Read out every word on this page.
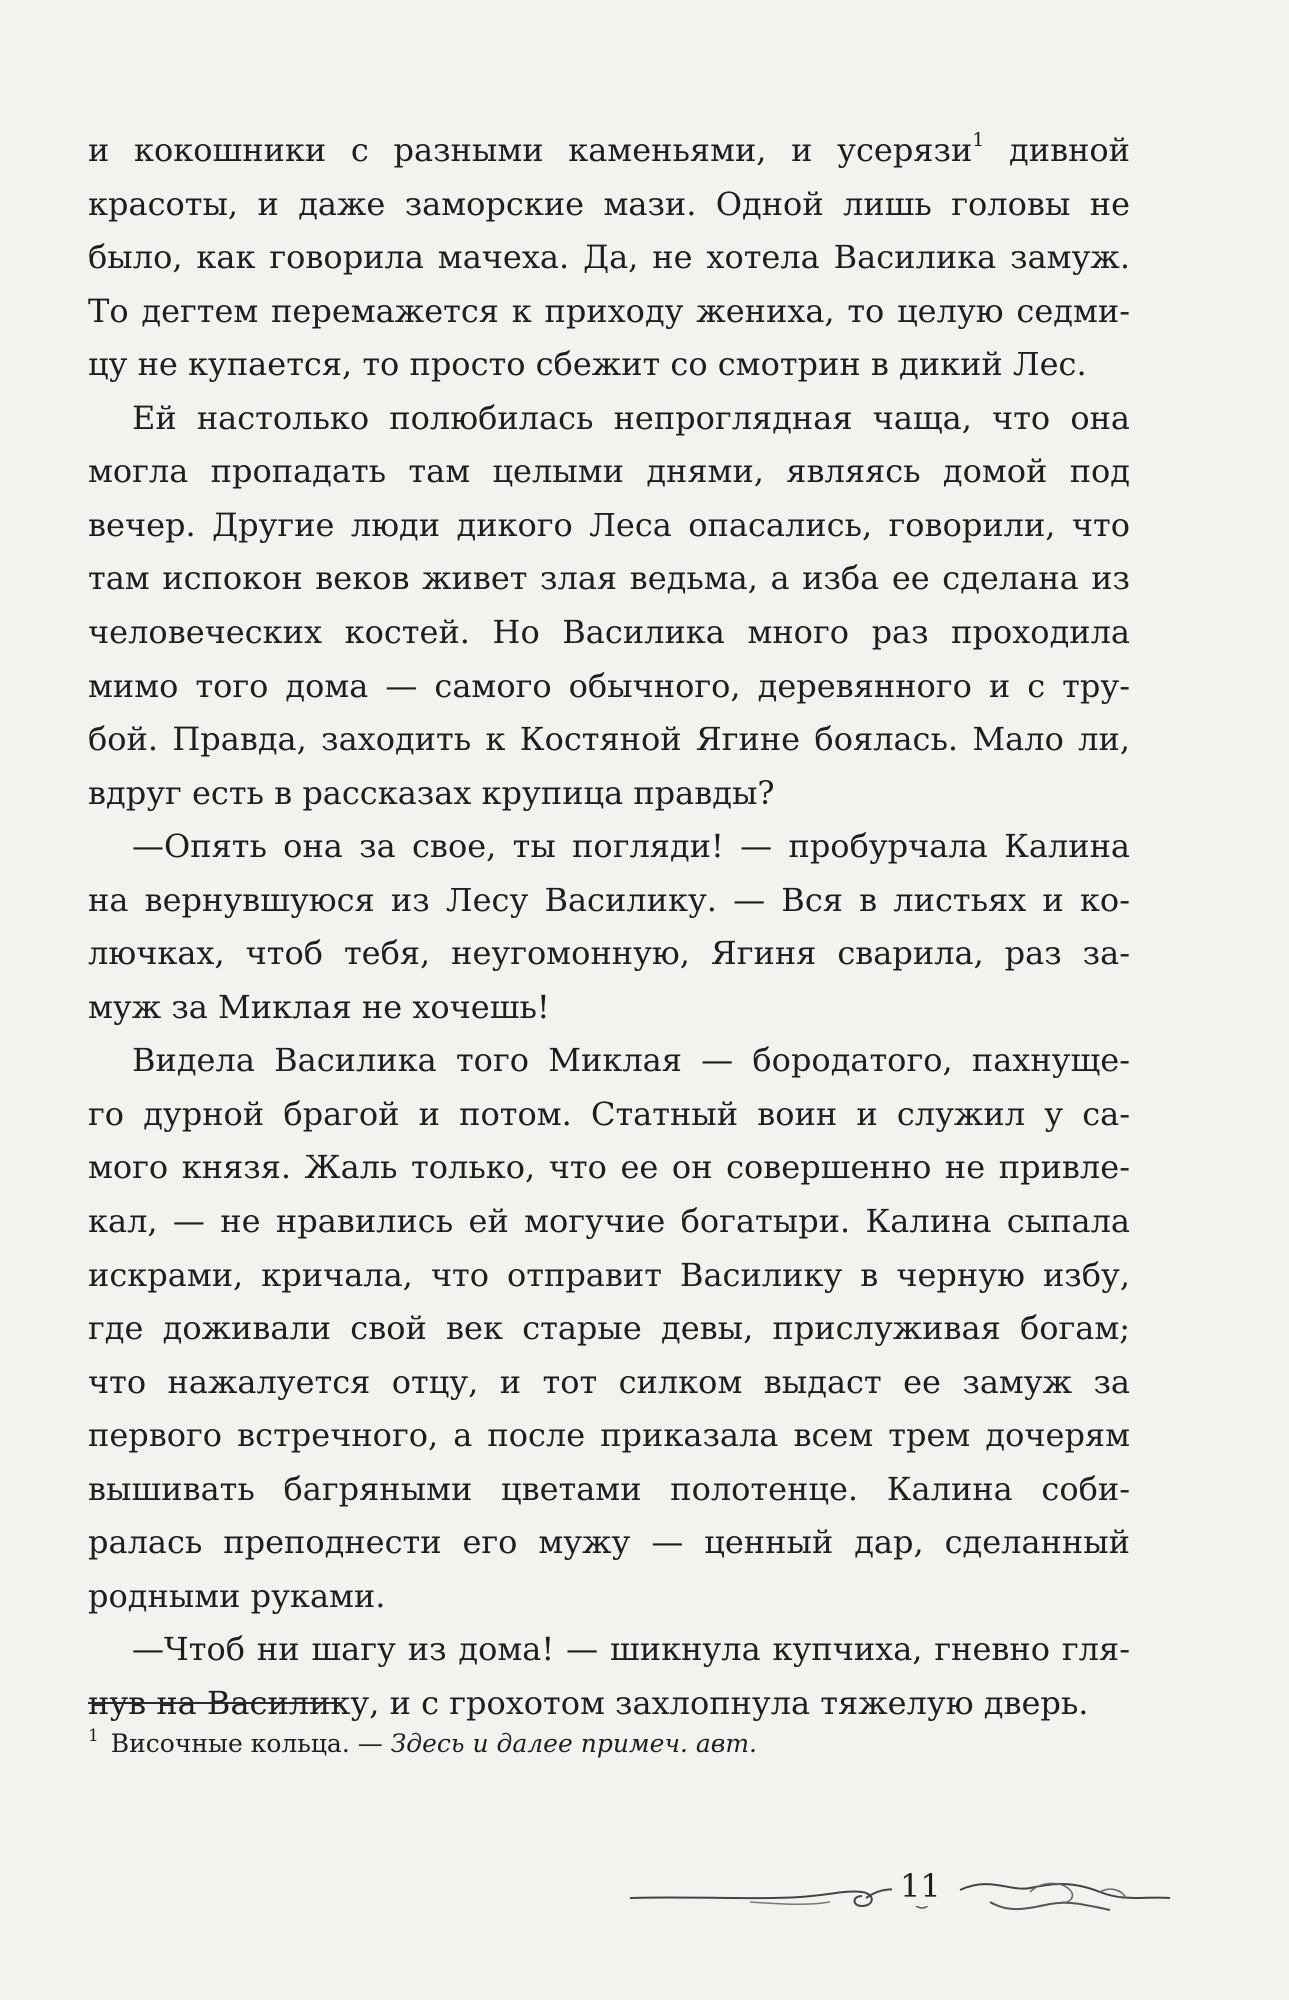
и кокошники с разными каменьями, и усерязи$^1$ дивной
красоты, и даже заморские мази. Одной лишь головы не
было, как говорила мачеха. Да, не хотела Василика замуж.
То дегтем перемажется к приходу жениха, то целую седми-
цу не купается, то просто сбежит со смотрин в дикий Лес.
Ей настолько полюбилась непроглядная чаща, что она
могла пропадать там целыми днями, являясь домой под
вечер. Другие люди дикого Леса опасались, говорили, что
там испокон веков живет злая ведьма, а изба ее сделана из
человеческих костей. Но Василика много раз проходила
мимо того дома — самого обычного, деревянного и с тру-
бой. Правда, заходить к Костяной Ягине боялась. Мало ли,
вдруг есть в рассказах крупица правды?
—Опять она за свое, ты погляди! — пробурчала Калина
на вернувшуюся из Лесу Василику. — Вся в листьях и ко-
лючках, чтоб тебя, неугомонную, Ягиня сварила, раз за-
муж за Миклая не хочешь!
Видела Василика того Миклая — бородатого, пахнуще-
го дурной брагой и потом. Статный воин и служил у са-
мого князя. Жаль только, что ее он совершенно не привле-
кал, — не нравились ей могучие богатыри. Калина сыпала
искрами, кричала, что отправит Василику в черную избу,
где доживали свой век старые девы, прислуживая богам;
что нажалуется отцу, и тот силком выдаст ее замуж за
первого встречного, а после приказала всем трем дочерям
вышивать багряными цветами полотенце. Калина соби-
ралась преподнести его мужу — ценный дар, сделанный
родными руками.
—Чтоб ни шагу из дома! — шикнула купчиха, гневно гля-
нув на Василику, и с грохотом захлопнула тяжелую дверь.
$^1$ Височные кольца. — Здесь и далее примеч. авт.
11
